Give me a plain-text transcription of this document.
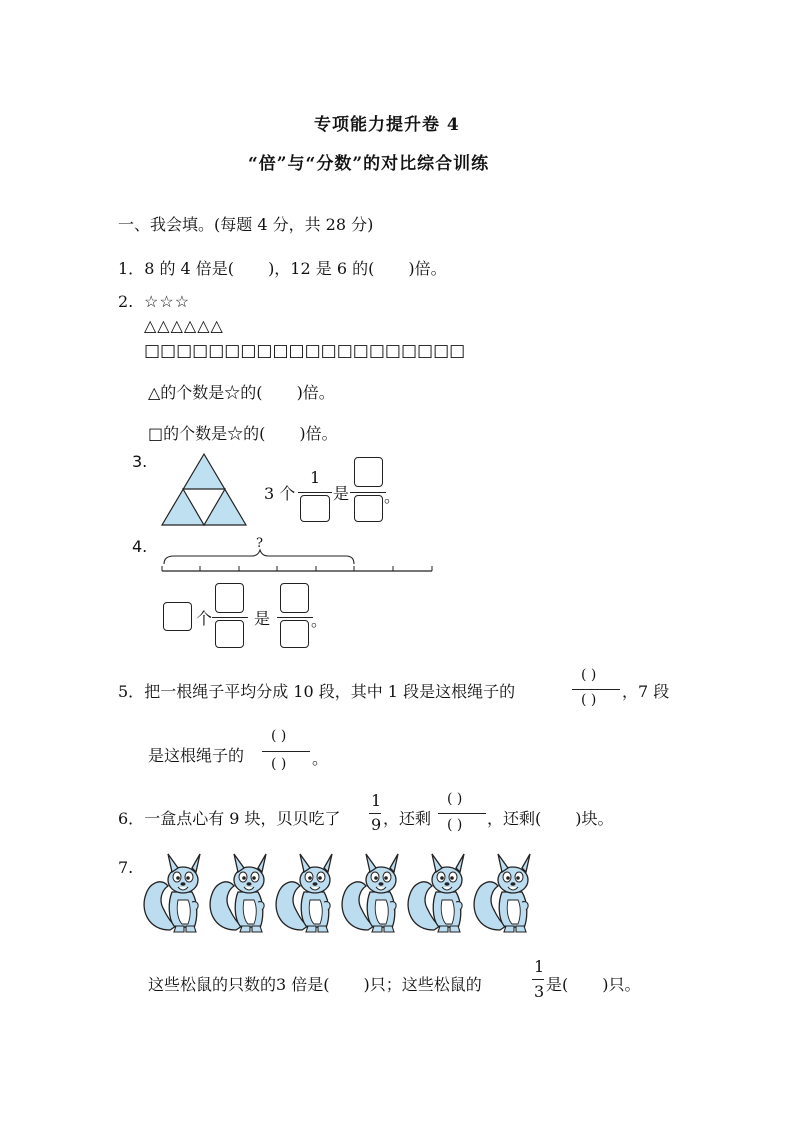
专项能力提升卷 4
“倍”与“分数”的对比综合训练
一、我会填。(每题 4 分，共 28 分)
1．8 的 4 倍是( )，12 是 6 的( )倍。
2. ☆☆☆
△△△△△△
□□□□□□□□□□□□□□□□□□□□
△的个数是☆的( )倍。
□的个数是☆的( )倍。
3.
3 个
1
是 。
4.	?
个	是	。
5．把一根绳子平均分成 10 段，其中 1 段是这根绳子的
( )
( ) ，7 段
是这根绳子的
( )
( ) 。
6．一盒点心有 9 块，贝贝吃了
1
9 ，还剩
( )
( ) ，还剩( )块。
7.
这些松鼠的只数的3 倍是( )只；这些松鼠的
1
3 是( )只。
